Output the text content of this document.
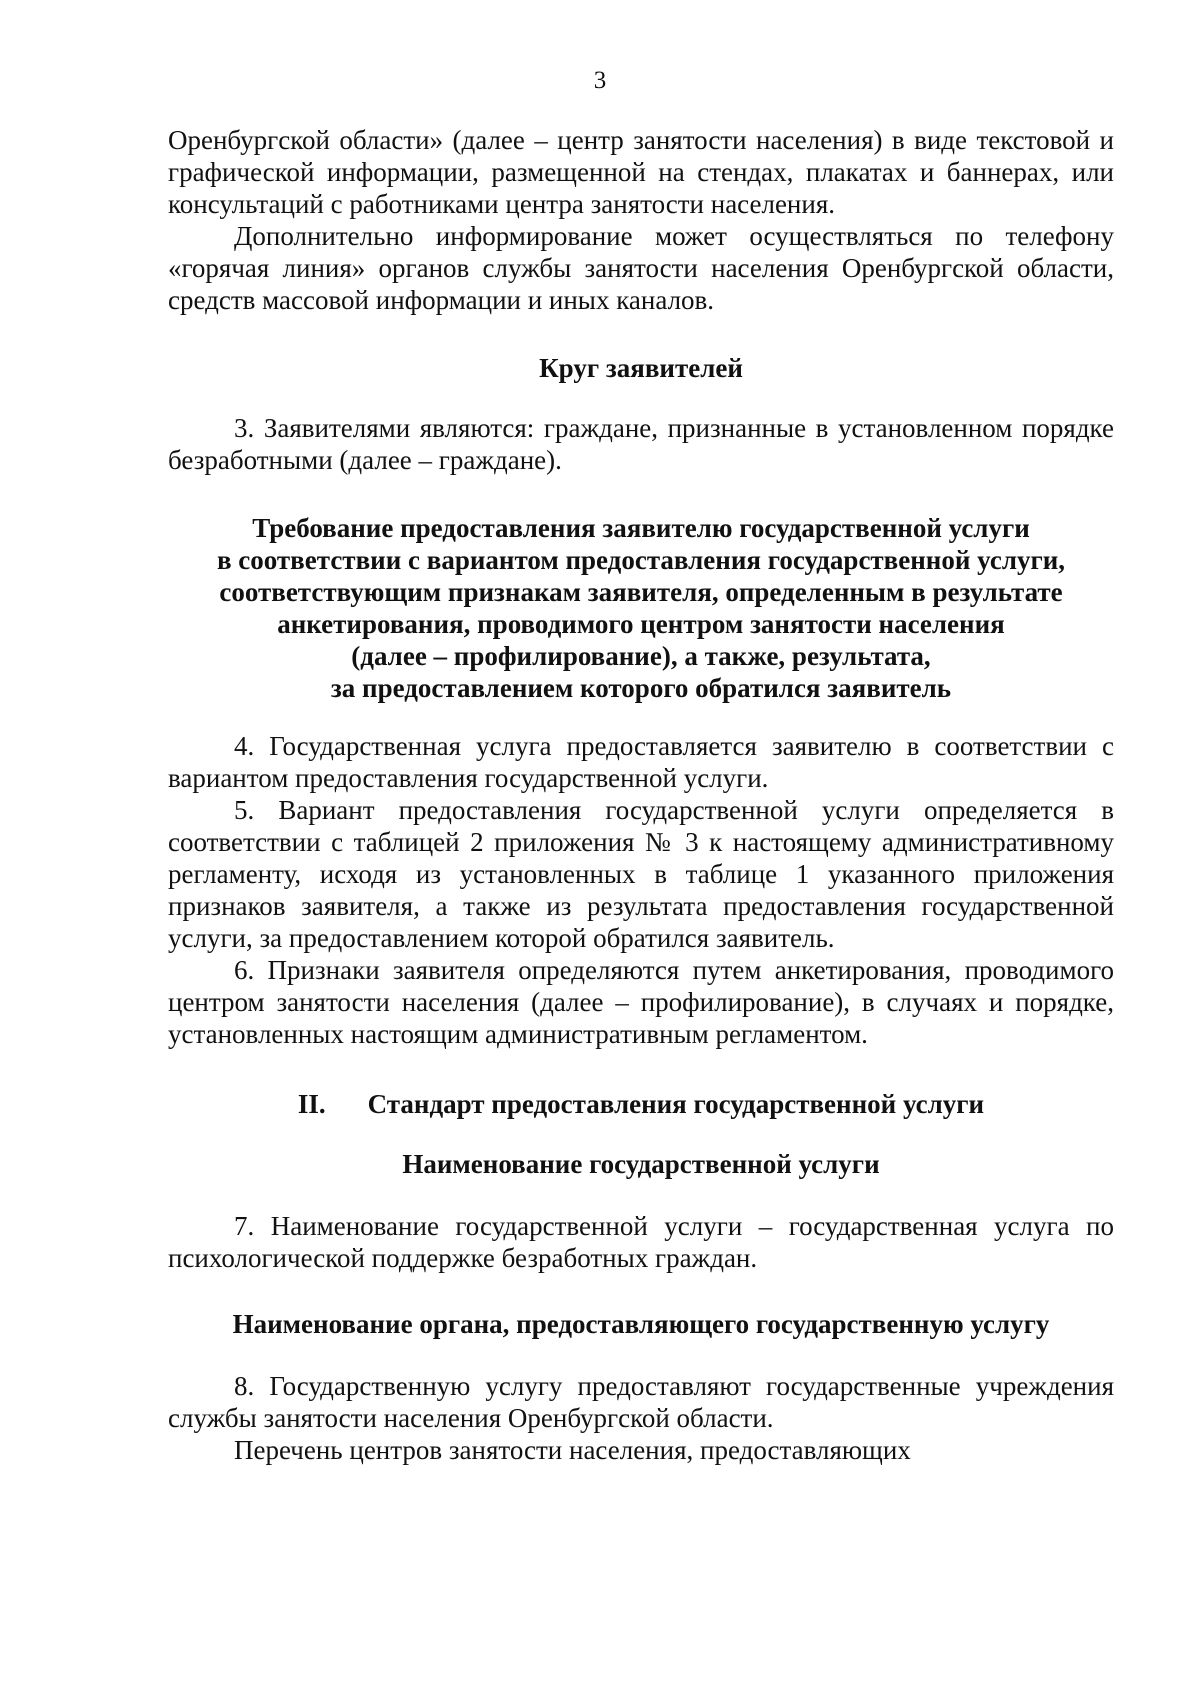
3

Оренбургской области» (далее – центр занятости населения) в виде текстовой и графической информации, размещенной на стендах, плакатах и баннерах, или консультаций с работниками центра занятости населения.

Дополнительно информирование может осуществляться по телефону «горячая линия» органов службы занятости населения Оренбургской области, средств массовой информации и иных каналов.

Круг заявителей

3. Заявителями являются: граждане, признанные в установленном порядке безработными (далее – граждане).

Требование предоставления заявителю государственной услуги
в соответствии с вариантом предоставления государственной услуги,
соответствующим признакам заявителя, определенным в результате
анкетирования, проводимого центром занятости населения
(далее – профилирование), а также, результата,
за предоставлением которого обратился заявитель

4. Государственная услуга предоставляется заявителю в соответствии с вариантом предоставления государственной услуги.

5. Вариант предоставления государственной услуги определяется в соответствии с таблицей 2 приложения № 3 к настоящему административному регламенту, исходя из установленных в таблице 1 указанного приложения признаков заявителя, а также из результата предоставления государственной услуги, за предоставлением которой обратился заявитель.

6. Признаки заявителя определяются путем анкетирования, проводимого центром занятости населения (далее – профилирование), в случаях и порядке, установленных настоящим административным регламентом.

II. Стандарт предоставления государственной услуги
Наименование государственной услуги

7. Наименование государственной услуги – государственная услуга по психологической поддержке безработных граждан.

Наименование органа, предоставляющего государственную услугу

8. Государственную услугу предоставляют государственные учреждения службы занятости населения Оренбургской области.

Перечень центров занятости населения, предоставляющих
